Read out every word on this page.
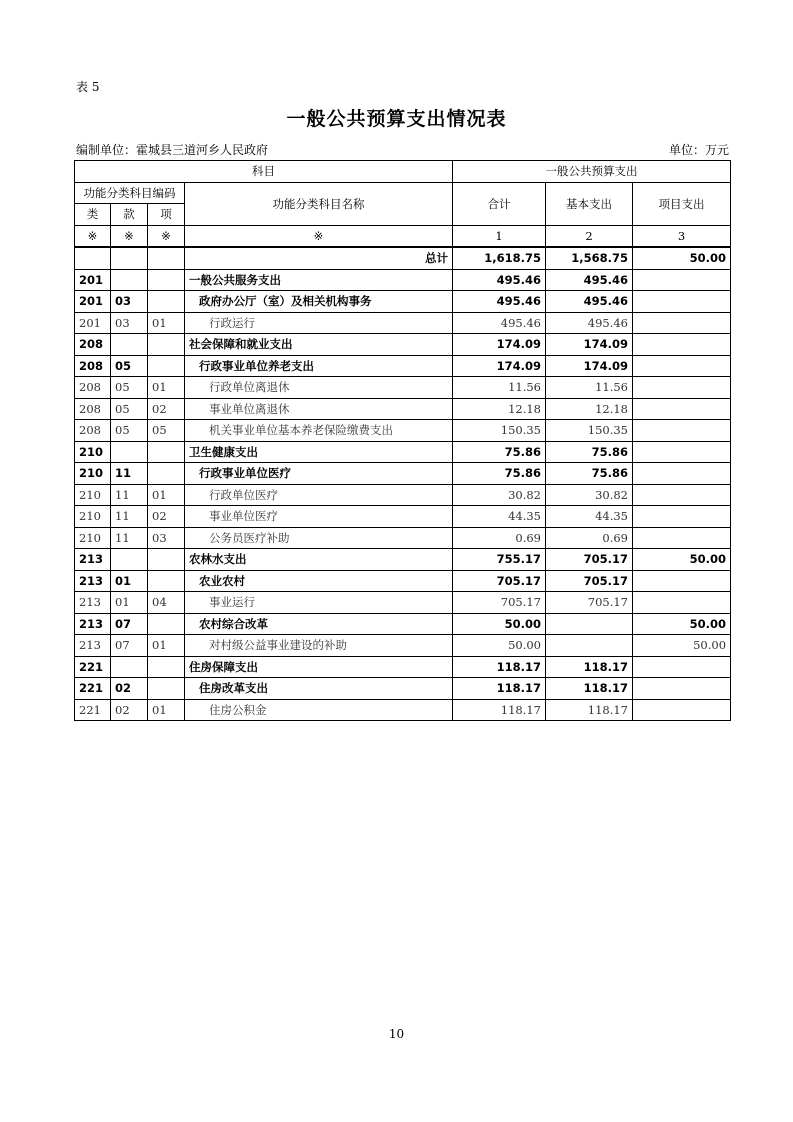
表 5
一般公共预算支出情况表
编制单位：霍城县三道河乡人民政府	单位：万元
科目				一般公共预算支出		
功能分类科目编码			功能分类科目名称	合计	基本支出	项目支出
类	款	项				
※	※	※	※	1	2	3
			总计	1,618.75	1,568.75	50.00
201			一般公共服务支出	495.46	495.46	
201	03		政府办公厅（室）及相关机构事务	495.46	495.46	
201	03	01	行政运行	495.46	495.46	
208			社会保障和就业支出	174.09	174.09	
208	05		行政事业单位养老支出	174.09	174.09	
208	05	01	行政单位离退休	11.56	11.56	
208	05	02	事业单位离退休	12.18	12.18	
208	05	05	机关事业单位基本养老保险缴费支出	150.35	150.35	
210			卫生健康支出	75.86	75.86	
210	11		行政事业单位医疗	75.86	75.86	
210	11	01	行政单位医疗	30.82	30.82	
210	11	02	事业单位医疗	44.35	44.35	
210	11	03	公务员医疗补助	0.69	0.69	
213			农林水支出	755.17	705.17	50.00
213	01		农业农村	705.17	705.17	
213	01	04	事业运行	705.17	705.17	
213	07		农村综合改革	50.00		50.00
213	07	01	对村级公益事业建设的补助	50.00		50.00
221			住房保障支出	118.17	118.17	
221	02		住房改革支出	118.17	118.17	
221	02	01	住房公积金	118.17	118.17	
10
